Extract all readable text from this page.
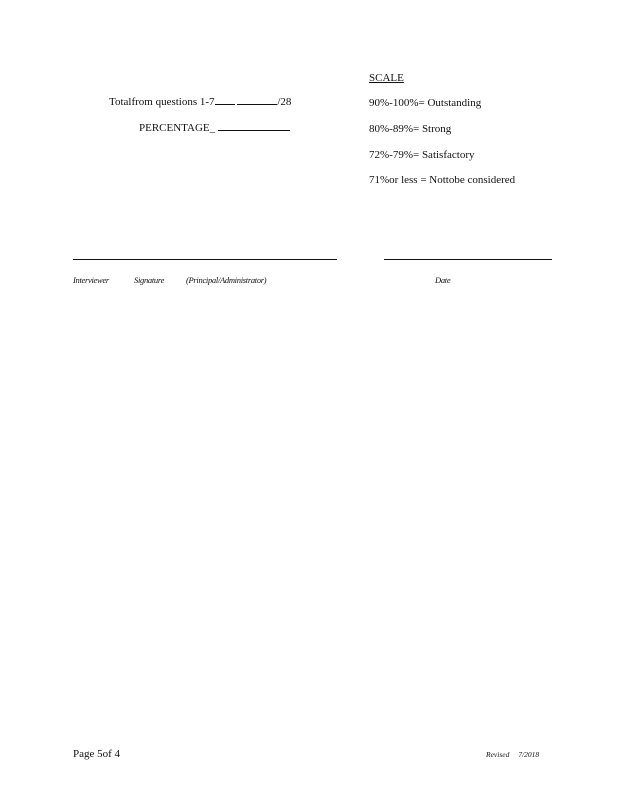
Totalfrom questions 1-7	/28
PERCENTAGE_
SCALE
90%-100%= Outstanding
80%-89%= Strong
72%-79%= Satisfactory
71%or less = Nottobe considered
Interviewer	Signature	(Principal/Administrator)	Date
Page 5of 4	Revised 7/2018
